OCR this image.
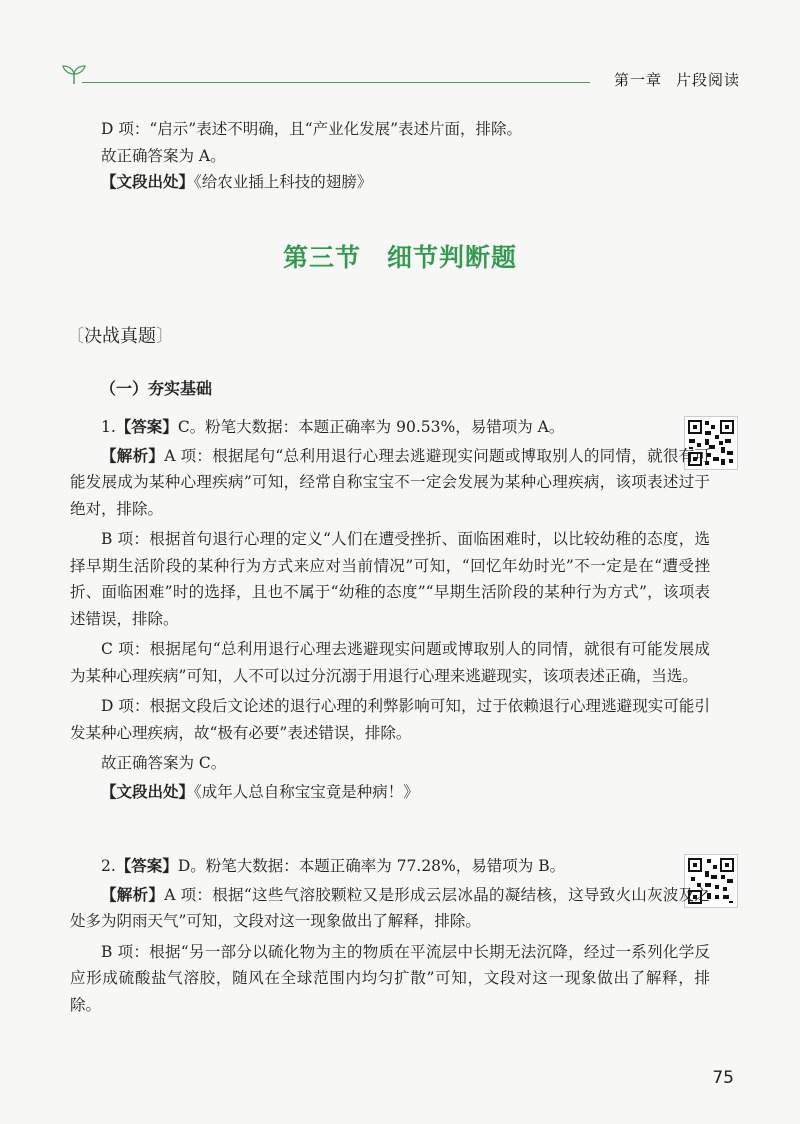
第一章 片段阅读

D 项：“启示”表述不明确，且“产业化发展”表述片面，排除。

故正确答案为 A。

【文段出处】《给农业插上科技的翅膀》

第三节 细节判断题
〔决战真题〕
（一）夯实基础

1.【答案】C。粉笔大数据：本题正确率为 90.53%，易错项为 A。

【解析】A 项：根据尾句“总利用退行心理去逃避现实问题或博取别人的同情，就很有可能发展成为某种心理疾病”可知，经常自称宝宝不一定会发展为某种心理疾病，该项表述过于绝对，排除。

B 项：根据首句退行心理的定义“人们在遭受挫折、面临困难时，以比较幼稚的态度，选择早期生活阶段的某种行为方式来应对当前情况”可知，“回忆年幼时光”不一定是在“遭受挫折、面临困难”时的选择，且也不属于“幼稚的态度”“早期生活阶段的某种行为方式”，该项表述错误，排除。

C 项：根据尾句“总利用退行心理去逃避现实问题或博取别人的同情，就很有可能发展成为某种心理疾病”可知，人不可以过分沉溺于用退行心理来逃避现实，该项表述正确，当选。

D 项：根据文段后文论述的退行心理的利弊影响可知，过于依赖退行心理逃避现实可能引发某种心理疾病，故“极有必要”表述错误，排除。

故正确答案为 C。

【文段出处】《成年人总自称宝宝竟是种病！》

2.【答案】D。粉笔大数据：本题正确率为 77.28%，易错项为 B。

【解析】A 项：根据“这些气溶胶颗粒又是形成云层冰晶的凝结核，这导致火山灰波及之处多为阴雨天气”可知，文段对这一现象做出了解释，排除。

B 项：根据“另一部分以硫化物为主的物质在平流层中长期无法沉降，经过一系列化学反应形成硫酸盐气溶胶，随风在全球范围内均匀扩散”可知，文段对这一现象做出了解释，排除。

75
